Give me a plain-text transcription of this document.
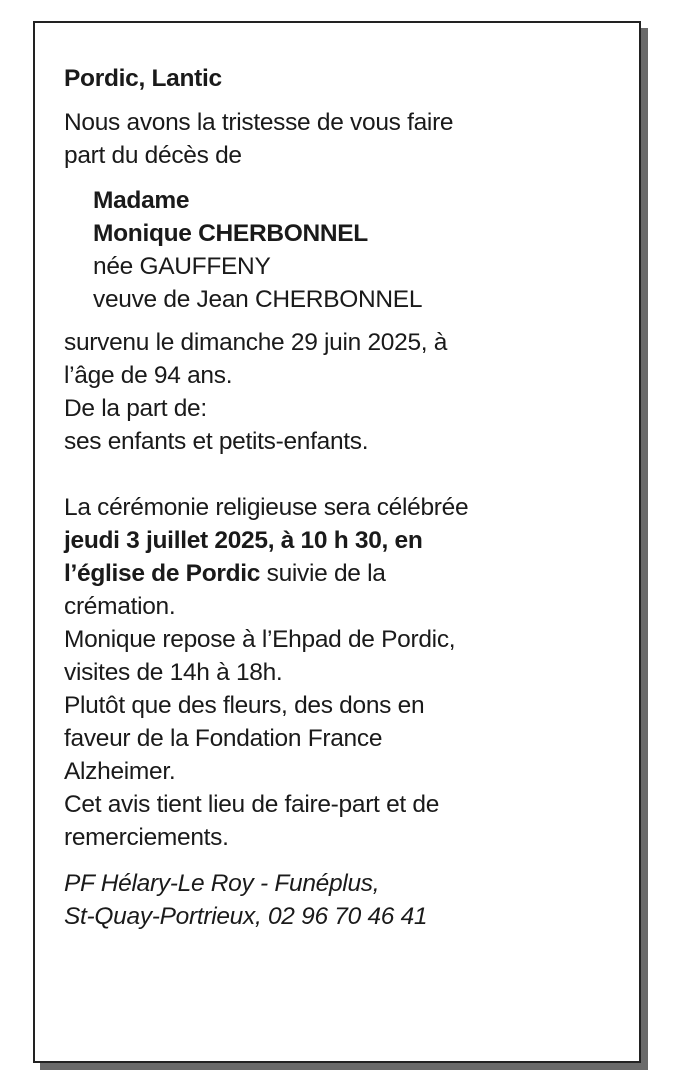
Pordic, Lantic

Nous avons la tristesse de vous faire
part du décès de

Madame
Monique CHERBONNEL
née GAUFFENY
veuve de Jean CHERBONNEL

survenu le dimanche 29 juin 2025, à
l’âge de 94 ans.
De la part de:
ses enfants et petits-enfants.

La cérémonie religieuse sera célébrée
jeudi 3 juillet 2025, à 10 h 30, en
l’église de Pordic suivie de la
crémation.

Monique repose à l’Ehpad de Pordic,
visites de 14h à 18h.
Plutôt que des fleurs, des dons en
faveur de la Fondation France
Alzheimer.
Cet avis tient lieu de faire-part et de
remerciements.

PF Hélary-Le Roy - Funéplus,
St-Quay-Portrieux, 02 96 70 46 41
